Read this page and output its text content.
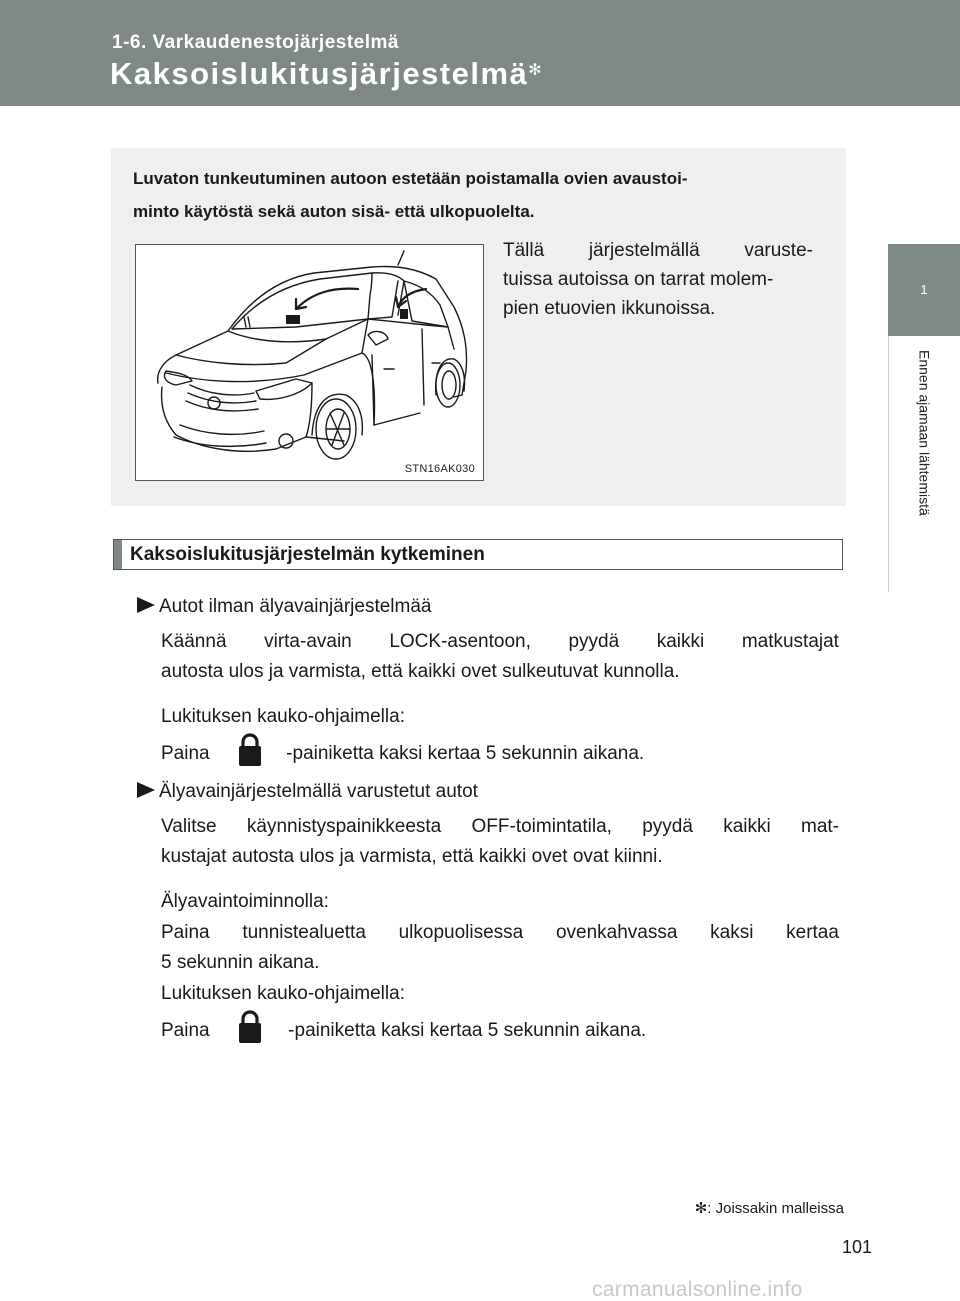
1-6. Varkaudenestojärjestelmä
Kaksoislukitusjärjestelmä✻
1
Ennen ajamaan lähtemistä
Luvaton tunkeutuminen autoon estetään poistamalla ovien avaustoi-
minto käytöstä sekä auton sisä- että ulkopuolelta.
STN16AK030
Tällä järjestelmällä varuste-
tuissa autoissa on tarrat molem-
pien etuovien ikkunoissa.
Kaksoislukitusjärjestelmän kytkeminen
Autot ilman älyavainjärjestelmää
Käännä virta-avain LOCK-asentoon, pyydä kaikki matkustajat
autosta ulos ja varmista, että kaikki ovet sulkeutuvat kunnolla.
Lukituksen kauko-ohjaimella:
Paina	-painiketta kaksi kertaa 5 sekunnin aikana.
Älyavainjärjestelmällä varustetut autot
Valitse käynnistyspainikkeesta OFF-toimintatila, pyydä kaikki mat-
kustajat autosta ulos ja varmista, että kaikki ovet ovat kiinni.
Älyavaintoiminnolla:
Paina tunnistealuetta ulkopuolisessa ovenkahvassa kaksi kertaa
5 sekunnin aikana.
Lukituksen kauko-ohjaimella:
Paina	-painiketta kaksi kertaa 5 sekunnin aikana.
✻: Joissakin malleissa
101
carmanualsonline.info
